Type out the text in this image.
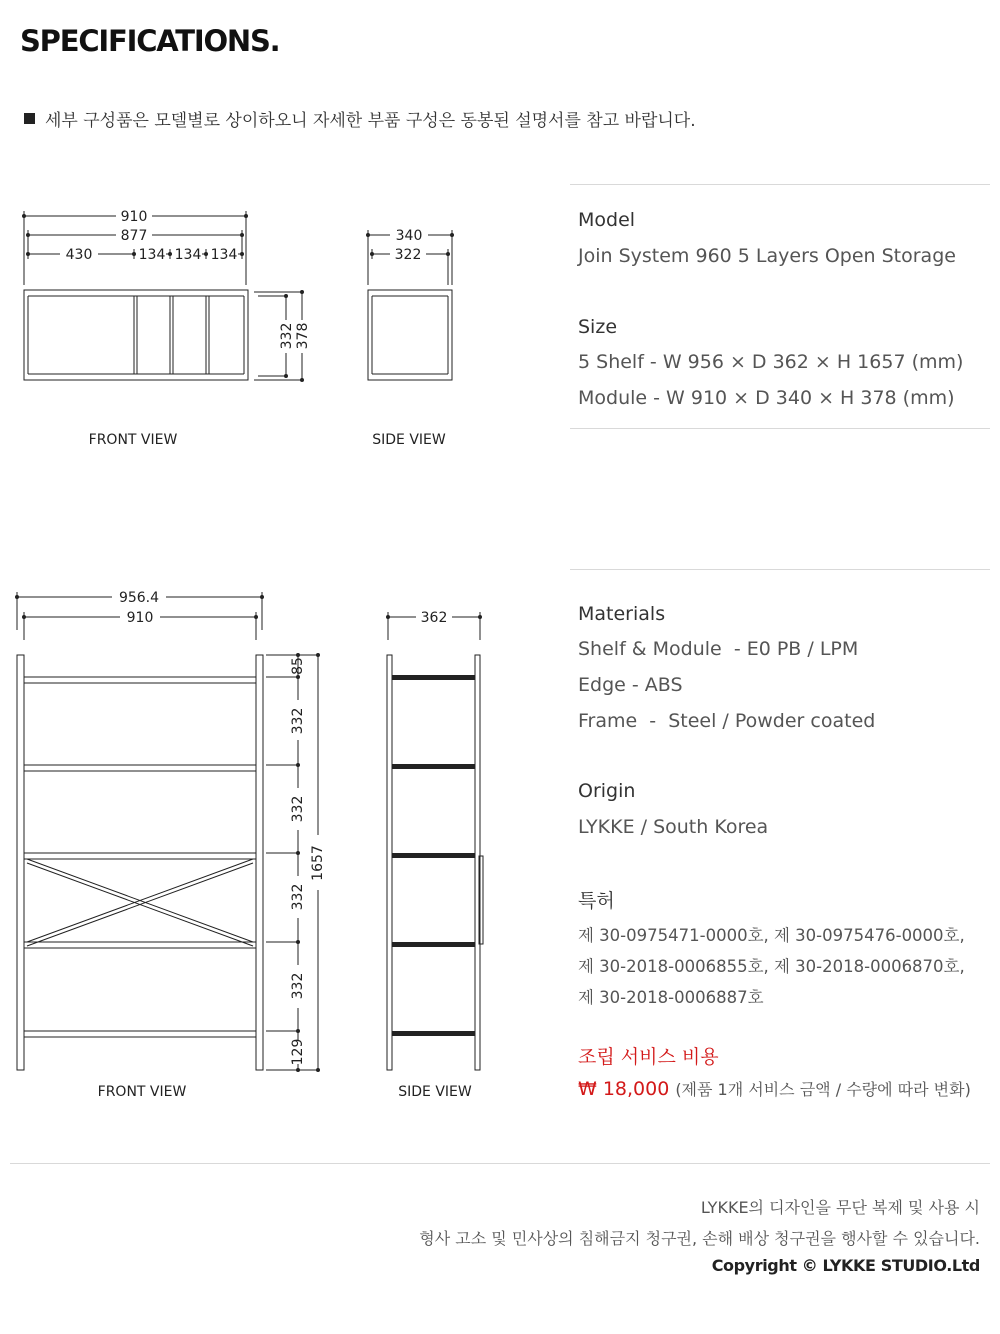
SPECIFICATIONS.
세부 구성품은 모델별로 상이하오니 자세한 부품 구성은 동봉된 설명서를 참고 바랍니다.
910
877
430	134 134 134
332 378
340
322
FRONT VIEW	SIDE VIEW
956.4
910
85
332
332
332
332
129
1657
362
FRONT VIEW	SIDE VIEW
Model
Join System 960 5 Layers Open Storage
Size
5 Shelf - W 956 × D 362 × H 1657 (mm)
Module - W 910 × D 340 × H 378 (mm)
Materials
Shelf & Module  - E0 PB / LPM
Edge - ABS
Frame  -  Steel / Powder coated
Origin
LYKKE / South Korea
특허
제 30-0975471-0000호, 제 30-0975476-0000호,
제 30-2018-0006855호, 제 30-2018-0006870호,
제 30-2018-0006887호
조립 서비스 비용
₩ 18,000 (제품 1개 서비스 금액 / 수량에 따라 변화)
LYKKE의 디자인을 무단 복제 및 사용 시
형사 고소 및 민사상의 침해금지 청구권, 손해 배상 청구권을 행사할 수 있습니다.
Copyright © LYKKE STUDIO.Ltd
